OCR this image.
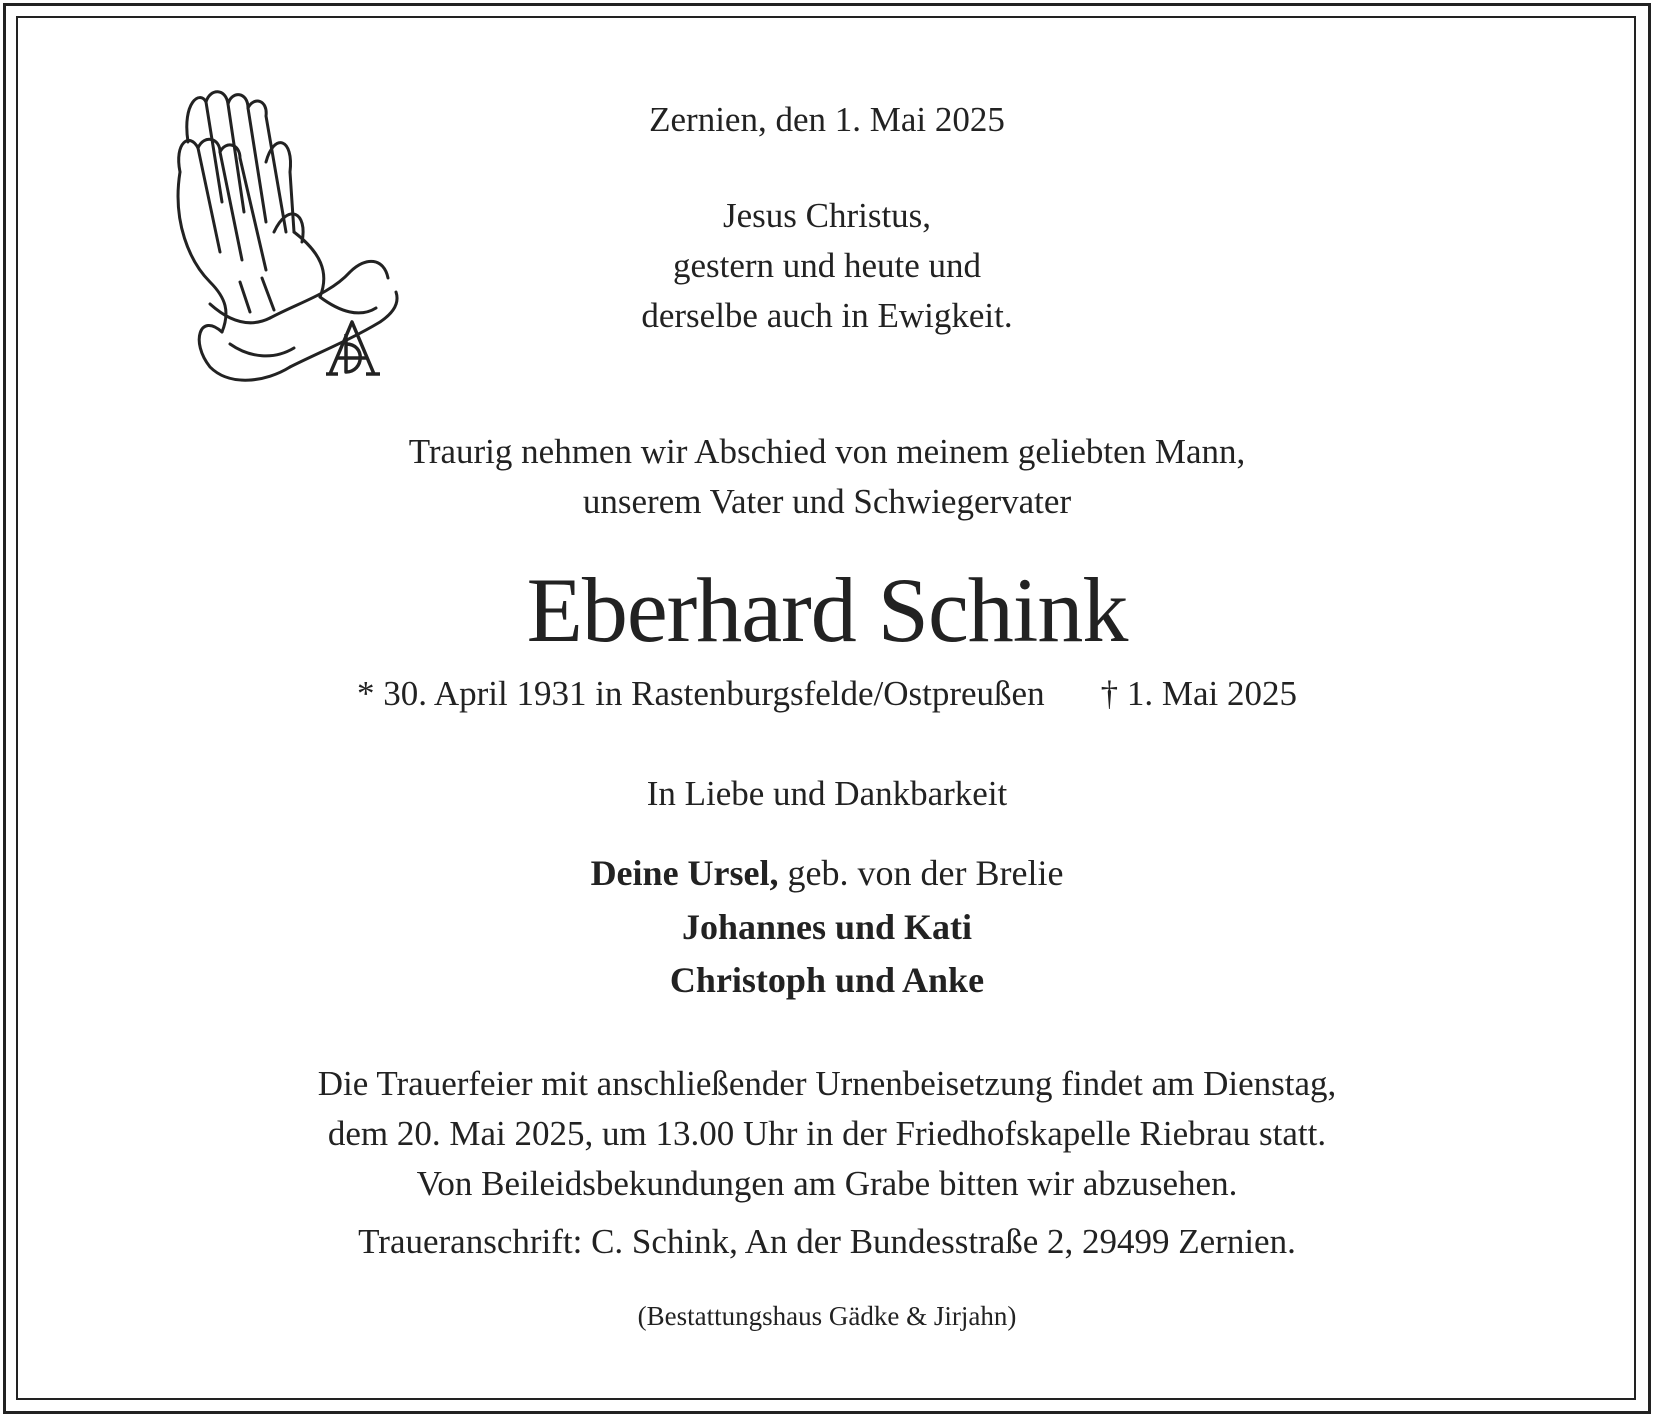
Zernien, den 1. Mai 2025
Jesus Christus,
gestern und heute und
derselbe auch in Ewigkeit.
Traurig nehmen wir Abschied von meinem geliebten Mann,
unserem Vater und Schwiegervater
Eberhard Schink
* 30. April 1931 in Rastenburgsfelde/Ostpreußen † 1. Mai 2025
In Liebe und Dankbarkeit
Deine Ursel, geb. von der Brelie
Johannes und Kati
Christoph und Anke
Die Trauerfeier mit anschließender Urnenbeisetzung findet am Dienstag,
dem 20. Mai 2025, um 13.00 Uhr in der Friedhofskapelle Riebrau statt.
Von Beileidsbekundungen am Grabe bitten wir abzusehen.
Traueranschrift: C. Schink, An der Bundesstraße 2, 29499 Zernien.
(Bestattungshaus Gädke & Jirjahn)
